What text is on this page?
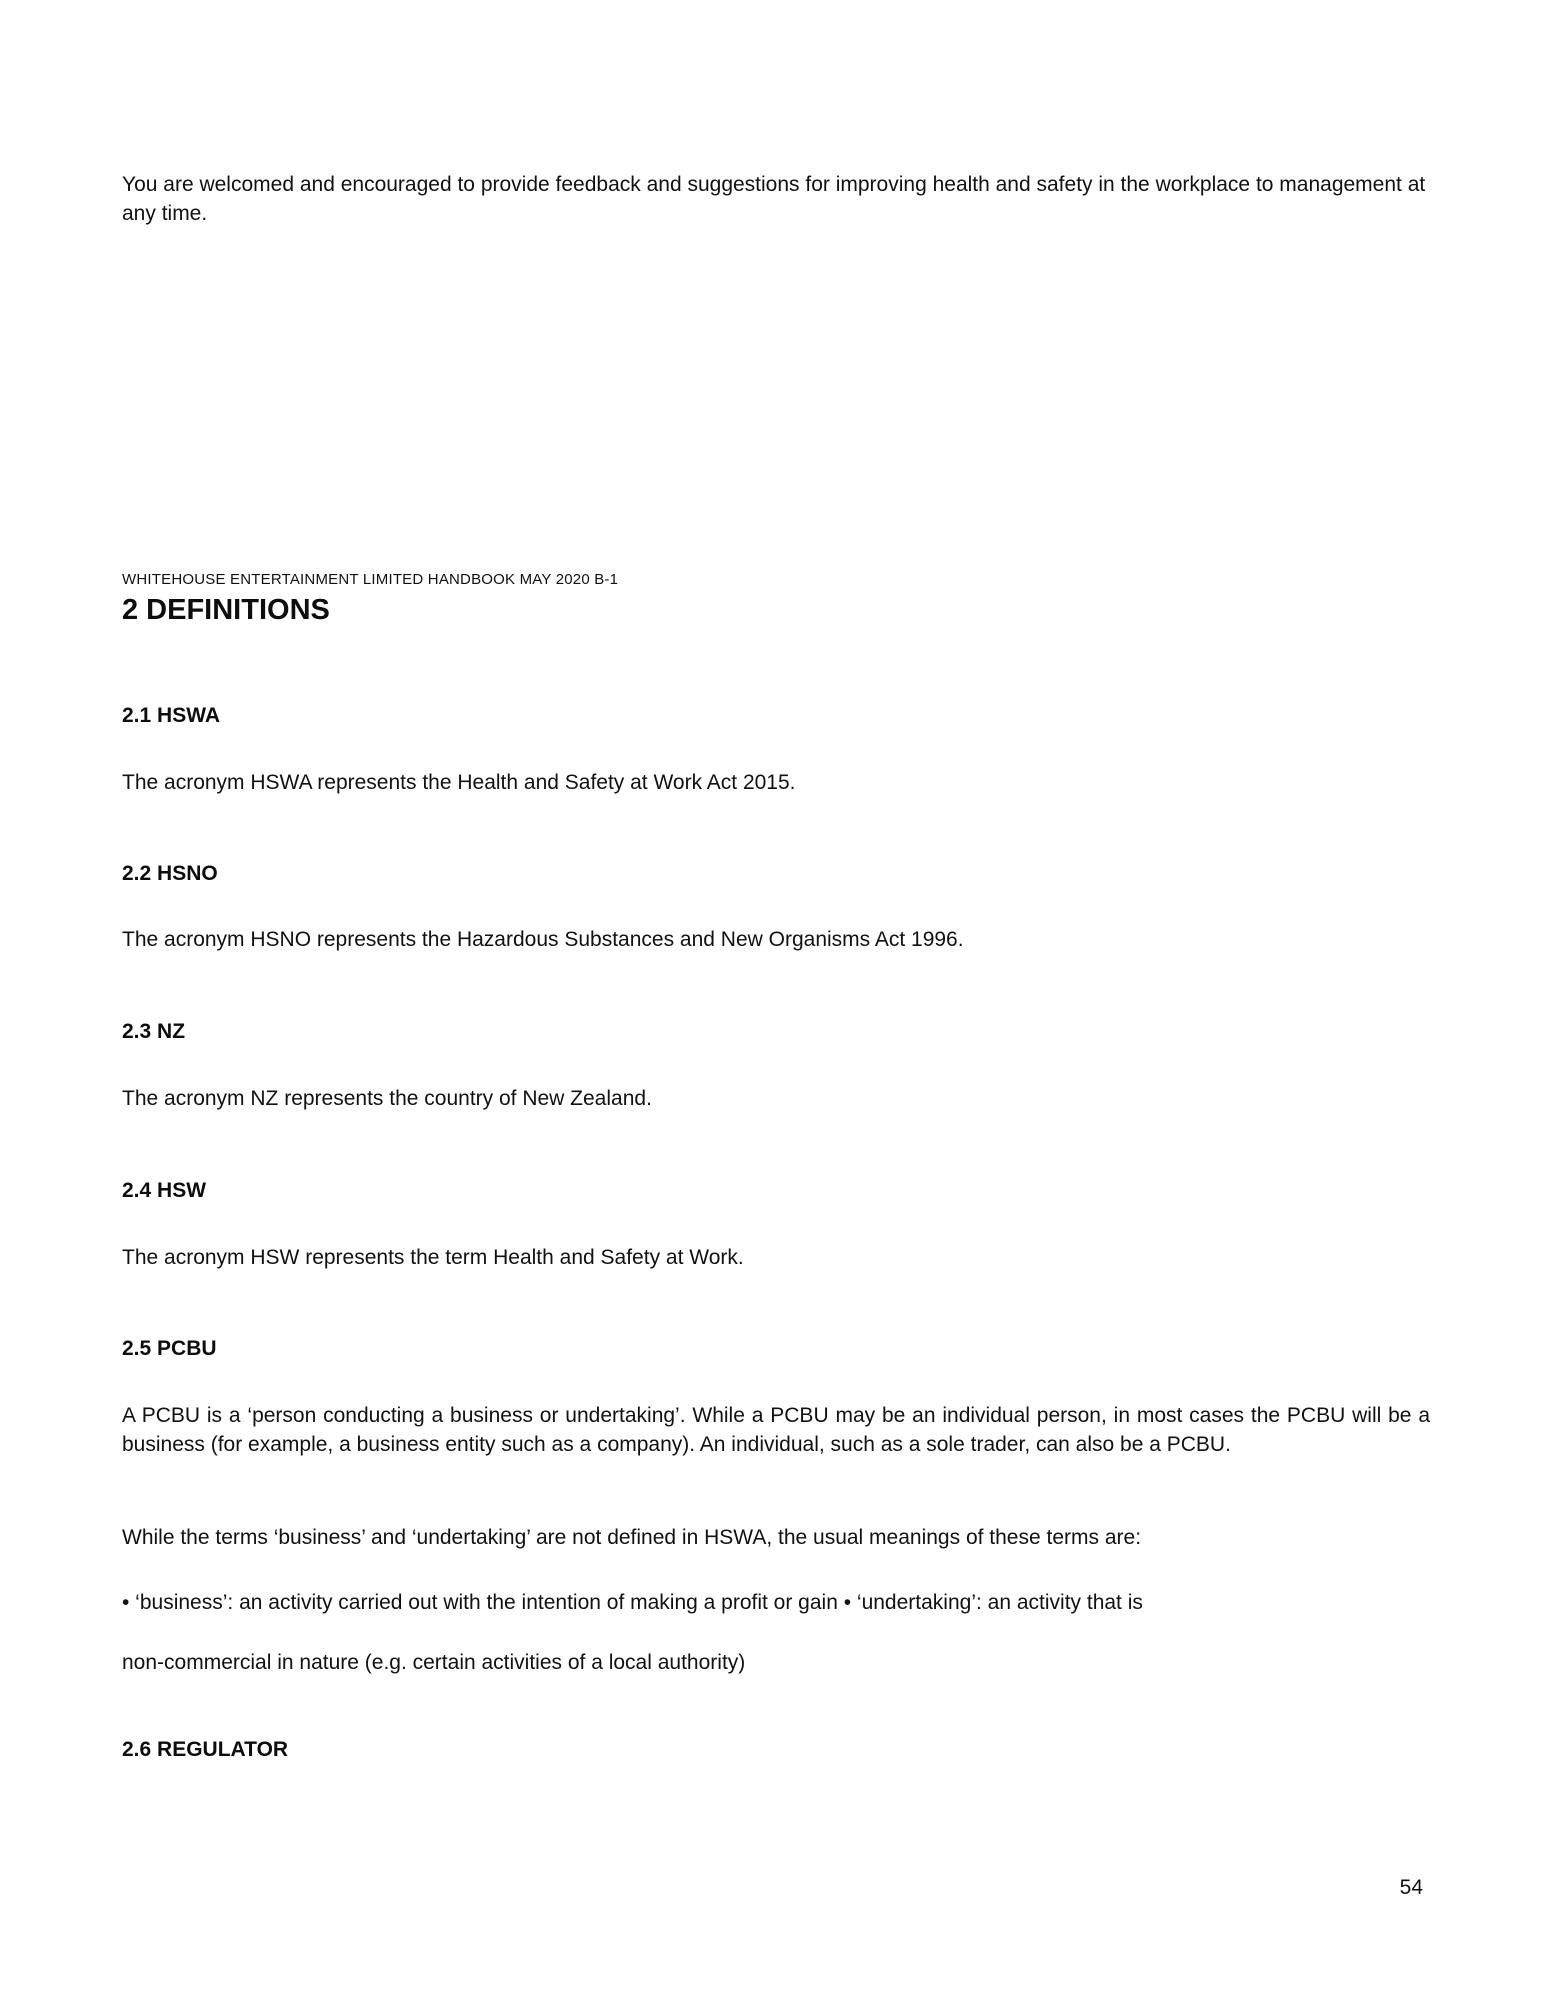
You are welcomed and encouraged to provide feedback and suggestions for improving health and safety in the workplace to management at any time.

WHITEHOUSE ENTERTAINMENT LIMITED HANDBOOK MAY 2020 B-1
2 DEFINITIONS
2.1 HSWA

The acronym HSWA represents the Health and Safety at Work Act 2015.

2.2 HSNO

The acronym HSNO represents the Hazardous Substances and New Organisms Act 1996.

2.3 NZ

The acronym NZ represents the country of New Zealand.

2.4 HSW

The acronym HSW represents the term Health and Safety at Work.

2.5 PCBU

A PCBU is a ‘person conducting a business or undertaking’. While a PCBU may be an individual person, in most cases the PCBU will be a business (for example, a business entity such as a company). An individual, such as a sole trader, can also be a PCBU.

While the terms ‘business’ and ‘undertaking’ are not defined in HSWA, the usual meanings of these terms are:

• ‘business’: an activity carried out with the intention of making a profit or gain • ‘undertaking’: an activity that is

non-commercial in nature (e.g. certain activities of a local authority)

2.6 REGULATOR
54
